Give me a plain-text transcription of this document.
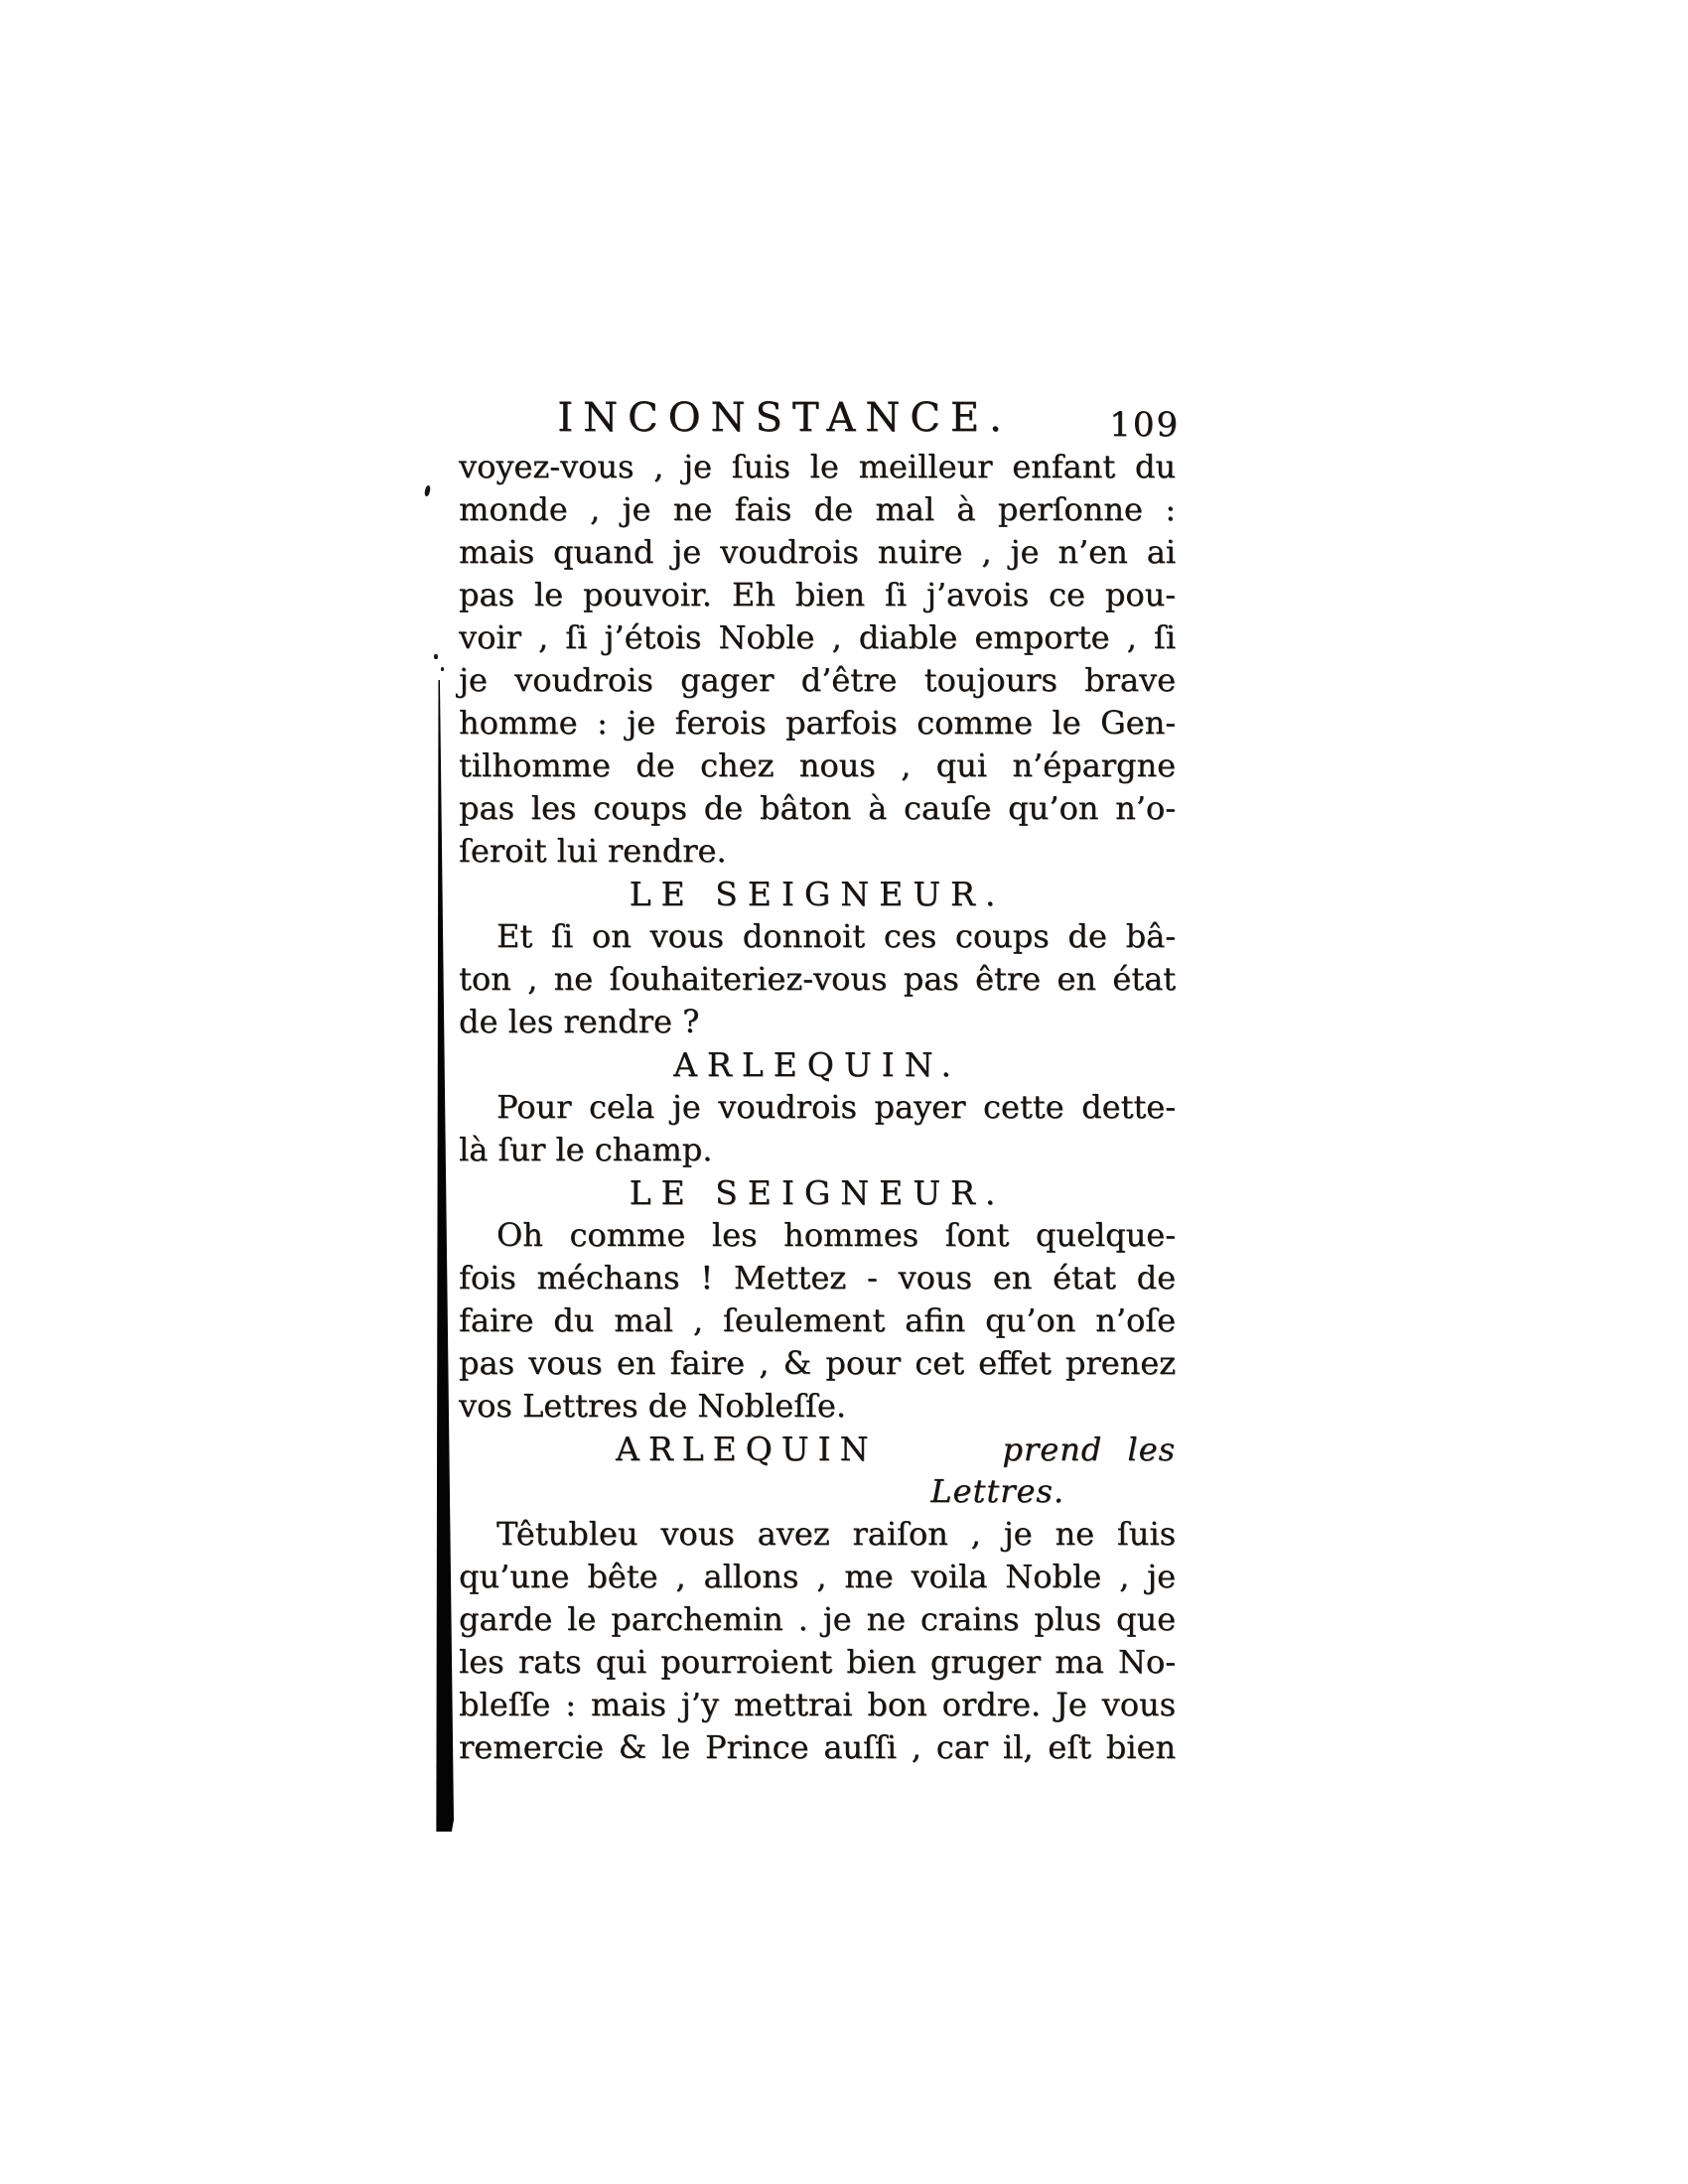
INCONSTANCE.	109
voyez-vous , je ſuis le meilleur enfant du
monde , je ne fais de mal à perſonne :
mais quand je voudrois nuire , je n’en ai
pas le pouvoir. Eh bien ſi j’avois ce pou-
voir , ſi j’étois Noble , diable emporte , ſi
je voudrois gager d’être toujours brave
homme : je ferois parfois comme le Gen-
tilhomme de chez nous , qui n’épargne
pas les coups de bâton à cauſe qu’on n’o-
ſeroit lui rendre.
LE SEIGNEUR.
Et ſi on vous donnoit ces coups de bâ-
ton , ne ſouhaiteriez-vous pas être en état
de les rendre ?
ARLEQUIN.
Pour cela je voudrois payer cette dette-
là ſur le champ.
LE SEIGNEUR.
Oh comme les hommes ſont quelque-
fois méchans ! Mettez - vous en état de
faire du mal , ſeulement afin qu’on n’oſe
pas vous en faire , & pour cet effet prenez
vos Lettres de Nobleſſe.
ARLEQUIN	prend les
Lettres.
Têtubleu vous avez raiſon , je ne ſuis
qu’une bête , allons , me voila Noble , je
garde le parchemin . je ne crains plus que
les rats qui pourroient bien gruger ma No-
bleſſe : mais j’y mettrai bon ordre. Je vous
remercie & le Prince auſſi , car il, eſt bien
